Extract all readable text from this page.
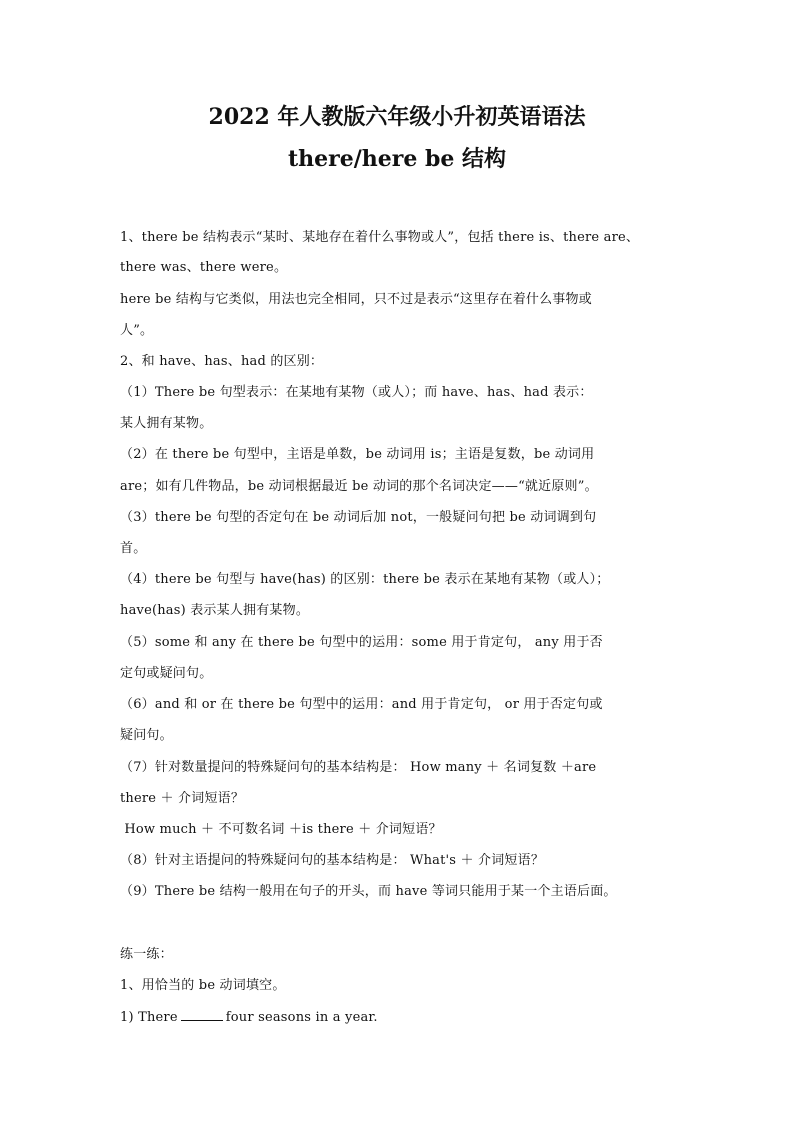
2022 年人教版六年级小升初英语语法
there/here be 结构
1、there be 结构表示“某时、某地存在着什么事物或人”，包括 there is、there are、
there was、there were。
here be 结构与它类似，用法也完全相同，只不过是表示“这里存在着什么事物或
人”。
2、和 have、has、had 的区别：
（1）There be 句型表示：在某地有某物（或人）；而 have、has、had 表示：
某人拥有某物。
（2）在 there be 句型中，主语是单数，be 动词用 is；主语是复数，be 动词用
are；如有几件物品，be 动词根据最近 be 动词的那个名词决定——“就近原则”。
（3）there be 句型的否定句在 be 动词后加 not，一般疑问句把 be 动词调到句
首。
（4）there be 句型与 have(has) 的区别：there be 表示在某地有某物（或人）；
have(has) 表示某人拥有某物。
（5）some 和 any 在 there be 句型中的运用：some 用于肯定句， any 用于否
定句或疑问句。
（6）and 和 or 在 there be 句型中的运用：and 用于肯定句， or 用于否定句或
疑问句。
（7）针对数量提问的特殊疑问句的基本结构是： How many ＋ 名词复数 ＋are
there ＋ 介词短语？
How much ＋ 不可数名词 ＋is there ＋ 介词短语？
（8）针对主语提问的特殊疑问句的基本结构是： What's ＋ 介词短语？
（9）There be 结构一般用在句子的开头，而 have 等词只能用于某一个主语后面。
练一练：
1、用恰当的 be 动词填空。
1) There	four seasons in a year.
